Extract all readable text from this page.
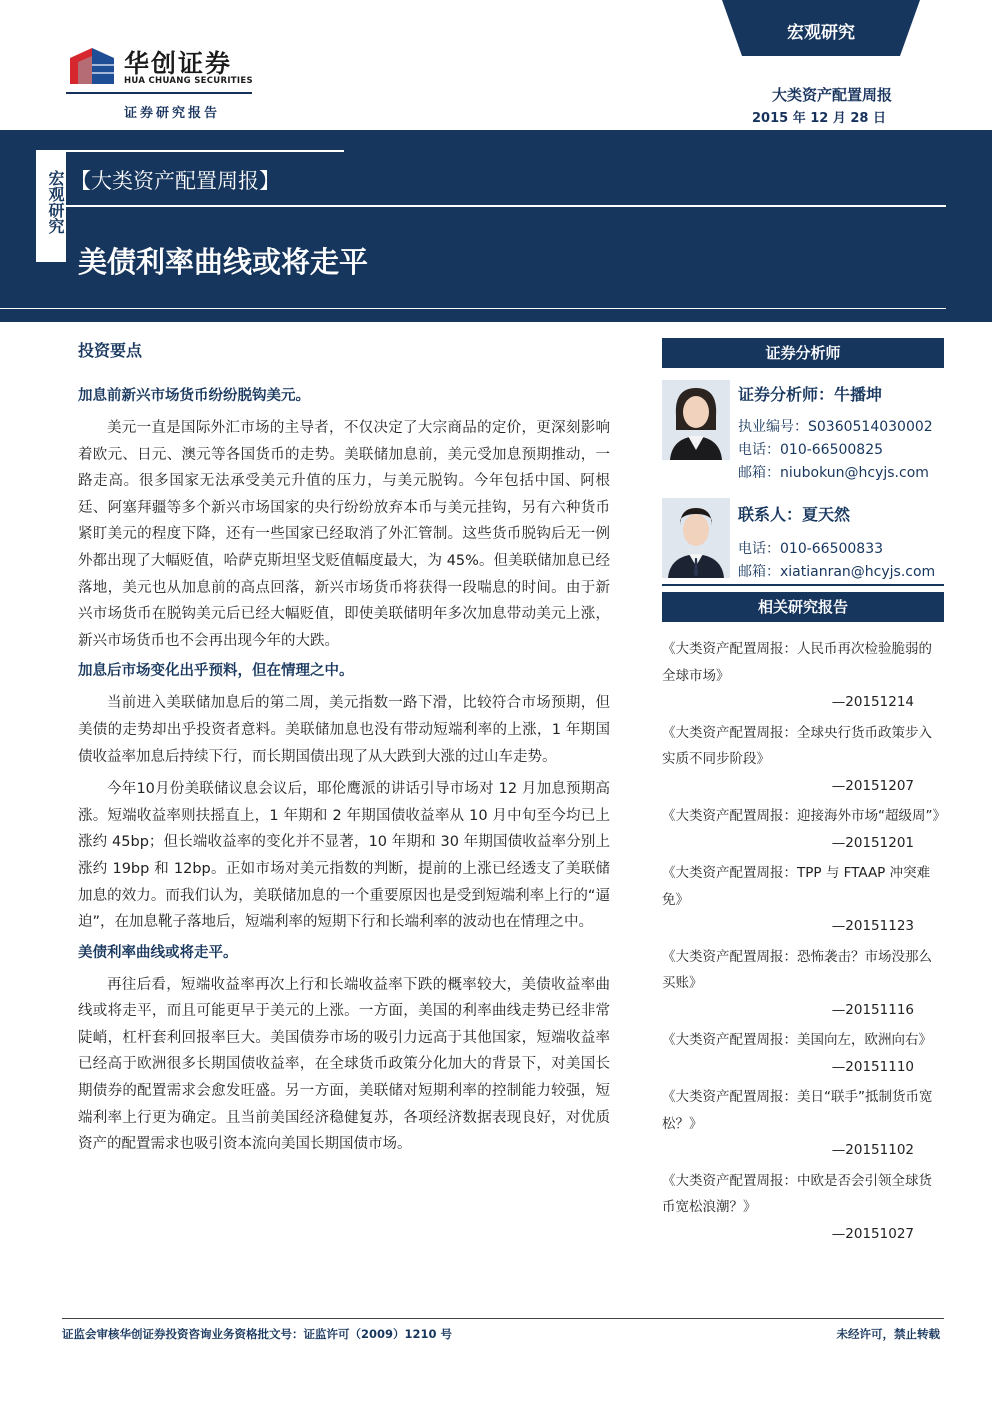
华创证券
HUA CHUANG SECURITIES
证券研究报告
宏观研究
大类资产配置周报
2015 年 12 月 28 日
宏观研究 【大类资产配置周报】
美债利率曲线或将走平
投资要点
加息前新兴市场货币纷纷脱钩美元。

美元一直是国际外汇市场的主导者，不仅决定了大宗商品的定价，更深刻影响着欧元、日元、澳元等各国货币的走势。美联储加息前，美元受加息预期推动，一路走高。很多国家无法承受美元升值的压力，与美元脱钩。今年包括中国、阿根廷、阿塞拜疆等多个新兴市场国家的央行纷纷放弃本币与美元挂钩，另有六种货币紧盯美元的程度下降，还有一些国家已经取消了外汇管制。这些货币脱钩后无一例外都出现了大幅贬值，哈萨克斯坦坚戈贬值幅度最大，为 45%。但美联储加息已经落地，美元也从加息前的高点回落，新兴市场货币将获得一段喘息的时间。由于新兴市场货币在脱钩美元后已经大幅贬值，即使美联储明年多次加息带动美元上涨，新兴市场货币也不会再出现今年的大跌。

加息后市场变化出乎预料，但在情理之中。

当前进入美联储加息后的第二周，美元指数一路下滑，比较符合市场预期，但美债的走势却出乎投资者意料。美联储加息也没有带动短端利率的上涨，1 年期国债收益率加息后持续下行，而长期国债出现了从大跌到大涨的过山车走势。

今年10月份美联储议息会议后，耶伦鹰派的讲话引导市场对 12 月加息预期高涨。短端收益率则扶摇直上，1 年期和 2 年期国债收益率从 10 月中旬至今均已上涨约 45bp；但长端收益率的变化并不显著，10 年期和 30 年期国债收益率分别上涨约 19bp 和 12bp。正如市场对美元指数的判断，提前的上涨已经透支了美联储加息的效力。而我们认为，美联储加息的一个重要原因也是受到短端利率上行的“逼迫”，在加息靴子落地后，短端利率的短期下行和长端利率的波动也在情理之中。

美债利率曲线或将走平。

再往后看，短端收益率再次上行和长端收益率下跌的概率较大，美债收益率曲线或将走平，而且可能更早于美元的上涨。一方面，美国的利率曲线走势已经非常陡峭，杠杆套利回报率巨大。美国债券市场的吸引力远高于其他国家，短端收益率已经高于欧洲很多长期国债收益率，在全球货币政策分化加大的背景下，对美国长期债券的配置需求会愈发旺盛。另一方面，美联储对短期利率的控制能力较强，短端利率上行更为确定。且当前美国经济稳健复苏，各项经济数据表现良好，对优质资产的配置需求也吸引资本流向美国长期国债市场。

证券分析师
证券分析师：牛播坤
执业编号：S0360514030002
电话：010-66500825
邮箱：niubokun@hcyjs.com
联系人：夏天然
电话：010-66500833
邮箱：xiatianran@hcyjs.com
相关研究报告
《大类资产配置周报：人民币再次检验脆弱的全球市场》
—20151214
《大类资产配置周报：全球央行货币政策步入实质不同步阶段》
—20151207
《大类资产配置周报：迎接海外市场“超级周”》
—20151201
《大类资产配置周报：TPP 与 FTAAP 冲突难免》
—20151123
《大类资产配置周报：恐怖袭击？市场没那么买账》
—20151116
《大类资产配置周报：美国向左，欧洲向右》
—20151110
《大类资产配置周报：美日“联手”抵制货币宽松？》
—20151102
《大类资产配置周报：中欧是否会引领全球货币宽松浪潮？》
—20151027
证监会审核华创证券投资咨询业务资格批文号：证监许可（2009）1210 号	未经许可，禁止转载
